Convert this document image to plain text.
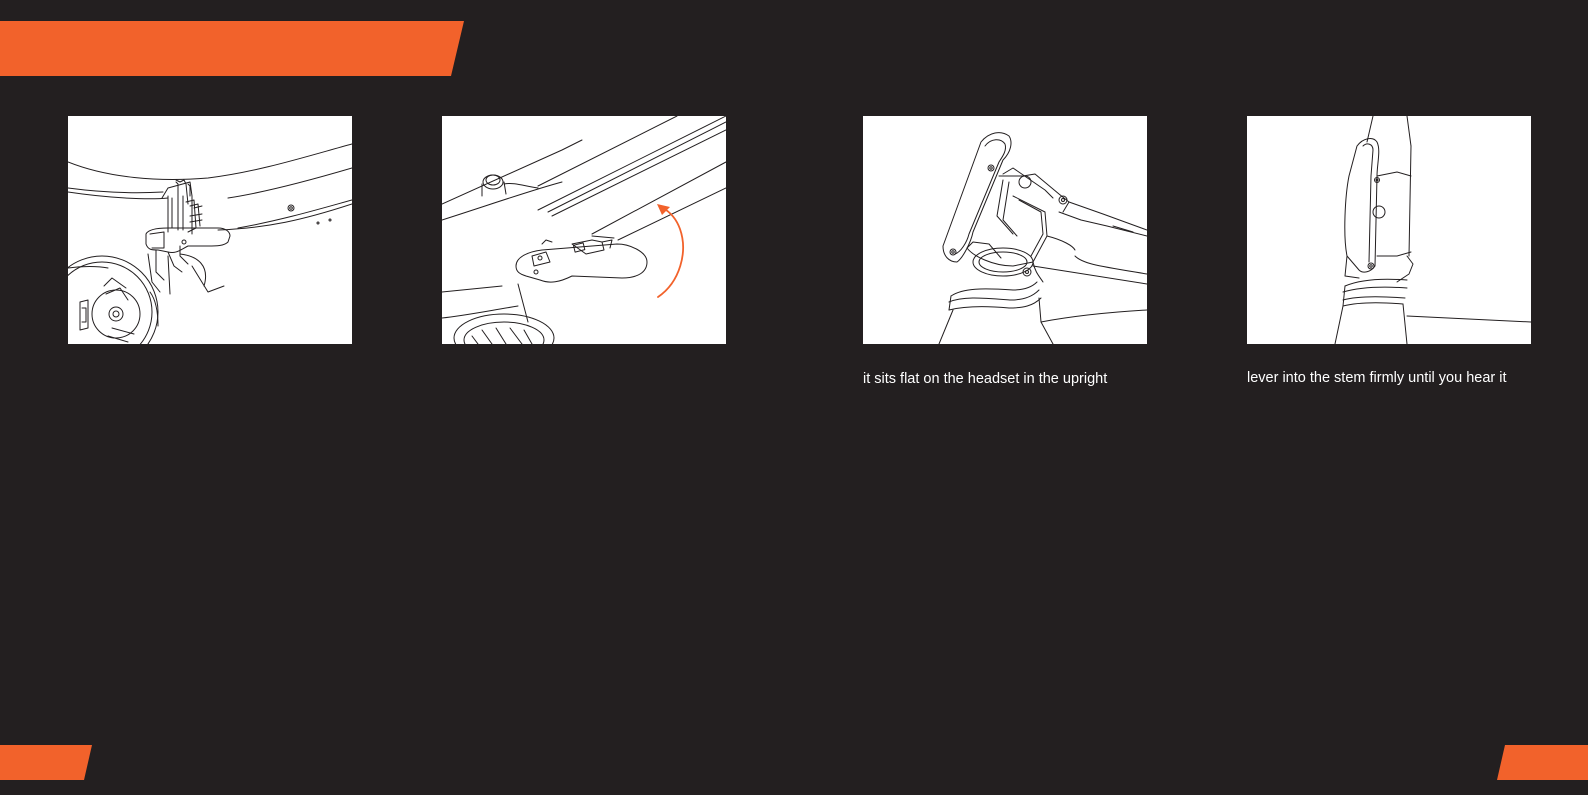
it sits flat on the headset in the upright	lever into the stem firmly until you hear it
